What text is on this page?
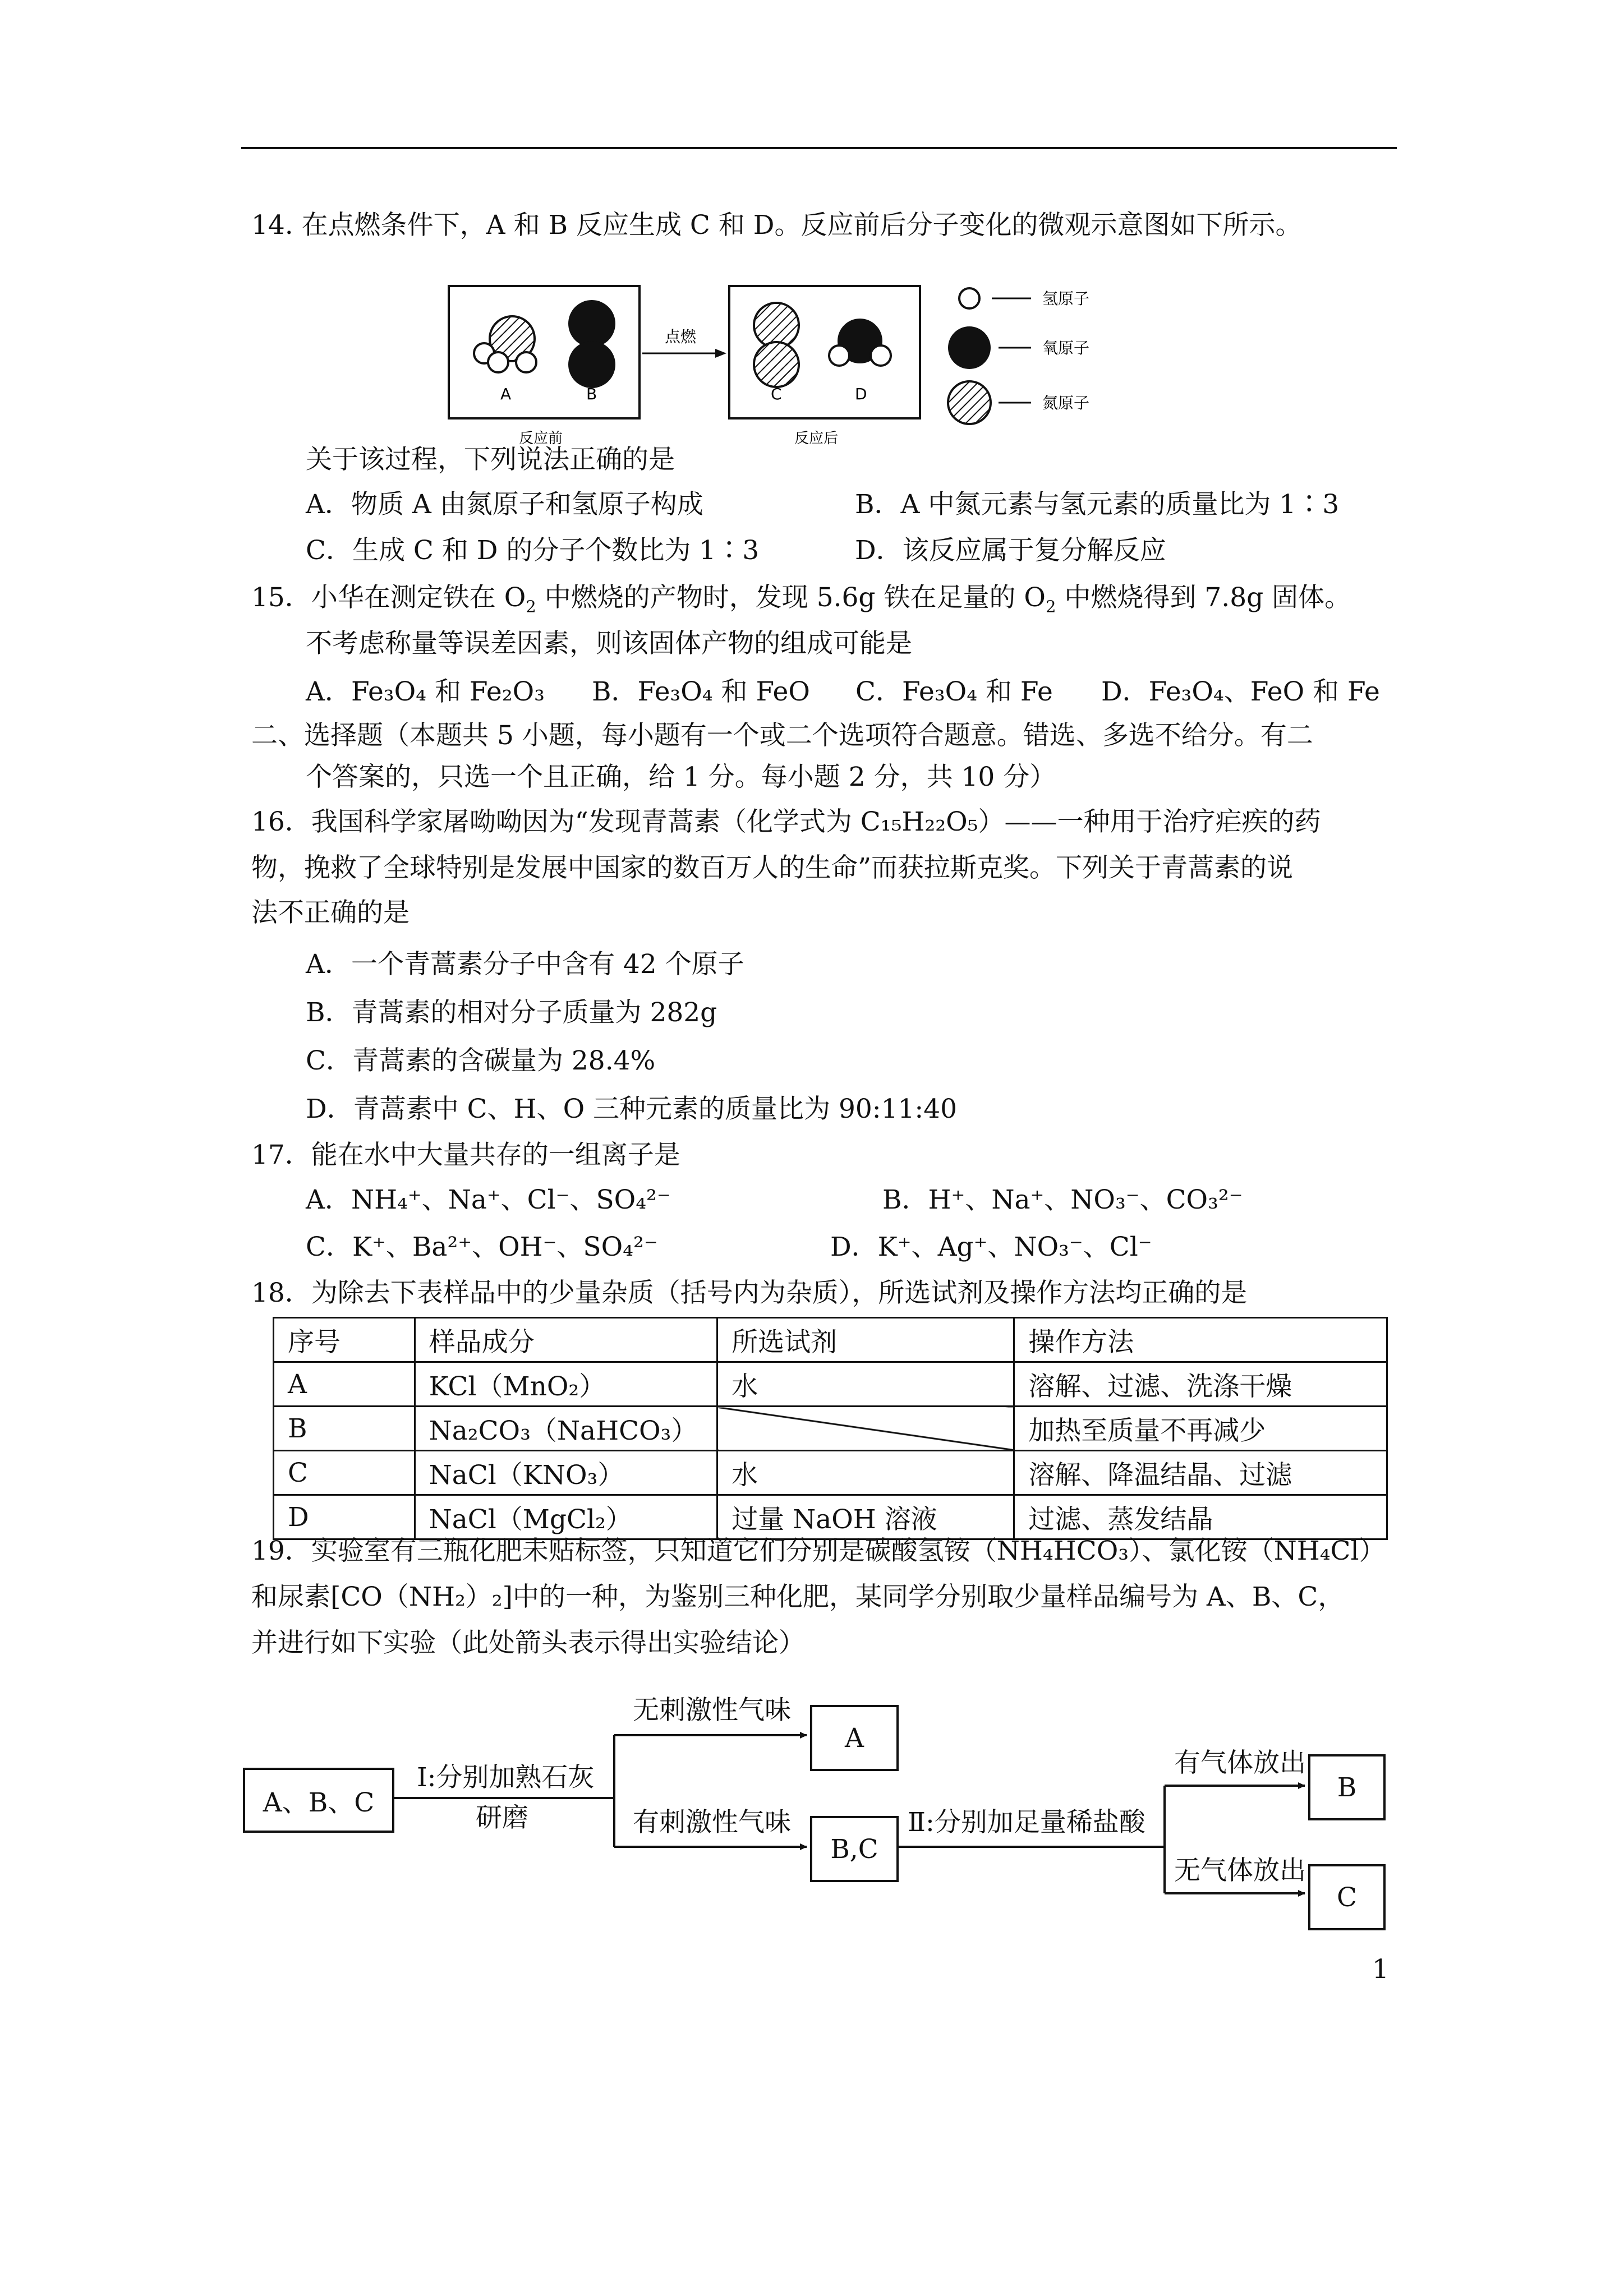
14. 在点燃条件下，A 和 B 反应生成 C 和 D。反应前后分子变化的微观示意图如下所示。
A	B
反应前
点燃
C	D
反应后
氢原子
氧原子
氮原子
关于该过程，下列说法正确的是
A．物质 A 由氮原子和氢原子构成	B．A 中氮元素与氢元素的质量比为 1∶3
C．生成 C 和 D 的分子个数比为 1∶3	D．该反应属于复分解反应
15．小华在测定铁在 $O_2$ 中燃烧的产物时，发现 5.6g 铁在足量的 $O_2$ 中燃烧得到 7.8g 固体。
不考虑称量等误差因素，则该固体产物的组成可能是
A．Fe₃O₄ 和 Fe₂O₃ B．Fe₃O₄ 和 FeO C．Fe₃O₄ 和 Fe D．Fe₃O₄、FeO 和 Fe
二、选择题（本题共 5 小题，每小题有一个或二个选项符合题意。错选、多选不给分。有二
个答案的，只选一个且正确，给 1 分。每小题 2 分，共 10 分）
16．我国科学家屠呦呦因为“发现青蒿素（化学式为 C₁₅H₂₂O₅）——一种用于治疗疟疾的药
物，挽救了全球特别是发展中国家的数百万人的生命”而获拉斯克奖。下列关于青蒿素的说
法不正确的是
A．一个青蒿素分子中含有 42 个原子
B．青蒿素的相对分子质量为 282g
C．青蒿素的含碳量为 28.4%
D．青蒿素中 C、H、O 三种元素的质量比为 90:11:40
17．能在水中大量共存的一组离子是
A．NH₄⁺、Na⁺、Cl⁻、SO₄²⁻	B．H⁺、Na⁺、NO₃⁻、CO₃²⁻
C．K⁺、Ba²⁺、OH⁻、SO₄²⁻	D．K⁺、Ag⁺、NO₃⁻、Cl⁻
18．为除去下表样品中的少量杂质（括号内为杂质），所选试剂及操作方法均正确的是
序号	样品成分	所选试剂	操作方法
A	KCl（MnO₂）	水	溶解、过滤、洗涤干燥
B	Na₂CO₃（NaHCO₃）		加热至质量不再减少
C	NaCl（KNO₃）	水	溶解、降温结晶、过滤
D	NaCl（MgCl₂）	过量 NaOH 溶液	过滤、蒸发结晶
19．实验室有三瓶化肥未贴标签，只知道它们分别是碳酸氢铵（NH₄HCO₃）、氯化铵（NH₄Cl）
和尿素[CO（NH₂）₂]中的一种，为鉴别三种化肥，某同学分别取少量样品编号为 A、B、C，
并进行如下实验（此处箭头表示得出实验结论）
A、B、C
Ⅰ:分别加熟石灰
研磨
无刺激性气味
A
有刺激性气味
B,C
Ⅱ:分别加足量稀盐酸
有气体放出
B
无气体放出
C
1
